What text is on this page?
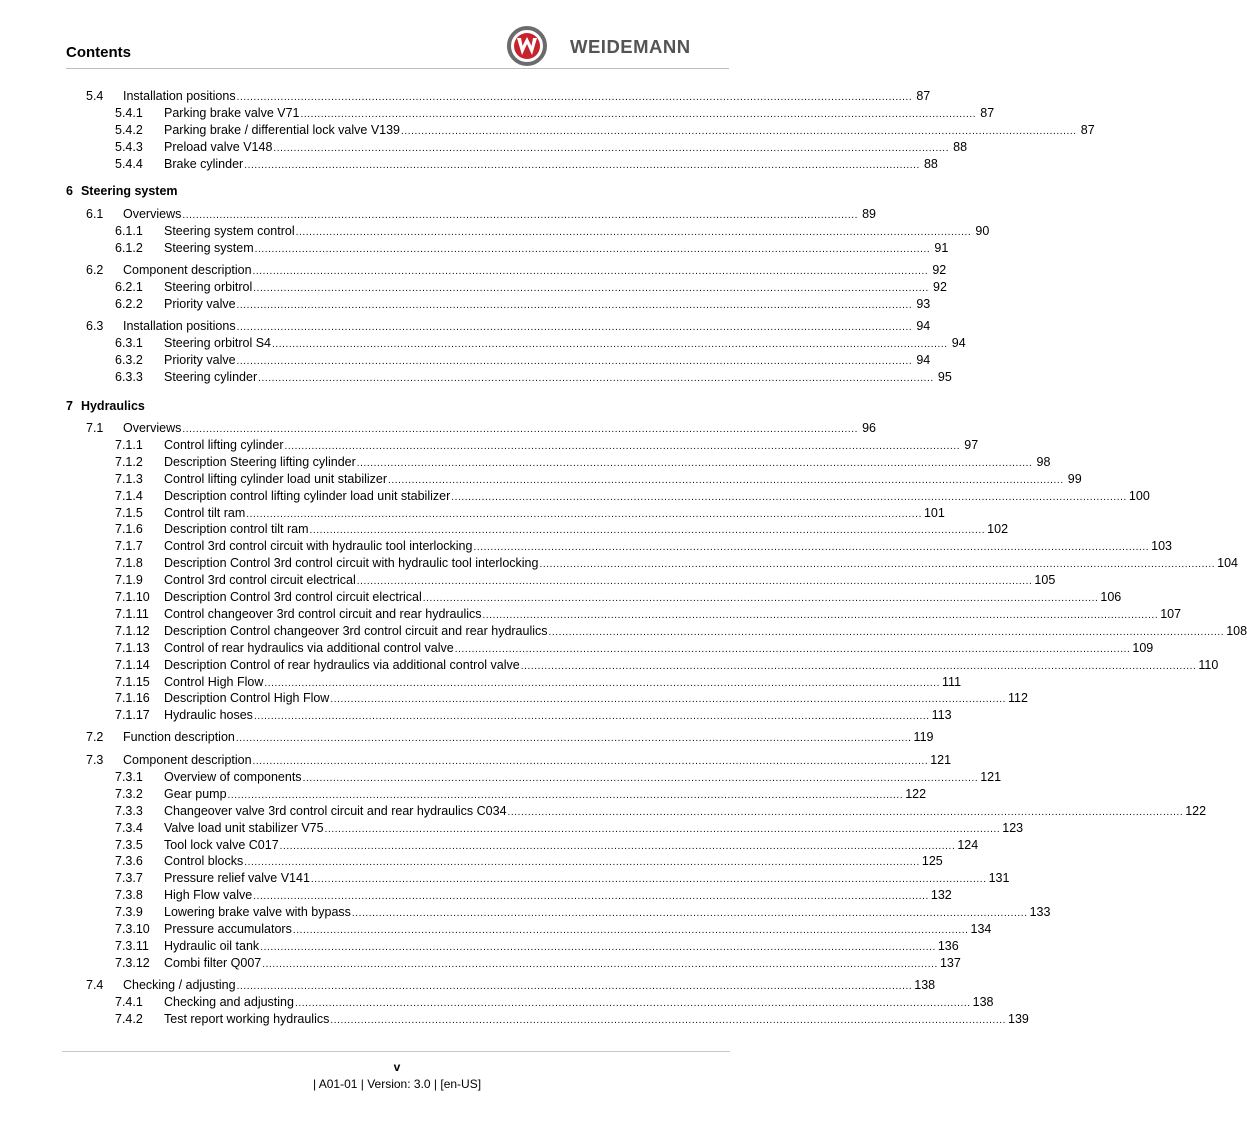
Contents	WEIDEMANN
5.4 Installation positions ........................................................................................................................................................................................................ 87
5.4.1 Parking brake valve V71 ........................................................................................................................................................................................................ 87
5.4.2 Parking brake / differential lock valve V139 ........................................................................................................................................................................................................ 87
5.4.3 Preload valve V148 ........................................................................................................................................................................................................ 88
5.4.4 Brake cylinder ........................................................................................................................................................................................................ 88
6 Steering system
6.1 Overviews ........................................................................................................................................................................................................ 89
6.1.1 Steering system control ........................................................................................................................................................................................................ 90
6.1.2 Steering system ........................................................................................................................................................................................................ 91
6.2 Component description ........................................................................................................................................................................................................ 92
6.2.1 Steering orbitrol ........................................................................................................................................................................................................ 92
6.2.2 Priority valve ........................................................................................................................................................................................................ 93
6.3 Installation positions ........................................................................................................................................................................................................ 94
6.3.1 Steering orbitrol S4 ........................................................................................................................................................................................................ 94
6.3.2 Priority valve ........................................................................................................................................................................................................ 94
6.3.3 Steering cylinder ........................................................................................................................................................................................................ 95
7 Hydraulics
7.1 Overviews ........................................................................................................................................................................................................ 96
7.1.1 Control lifting cylinder ........................................................................................................................................................................................................ 97
7.1.2 Description Steering lifting cylinder ........................................................................................................................................................................................................ 98
7.1.3 Control lifting cylinder load unit stabilizer ........................................................................................................................................................................................................ 99
7.1.4 Description control lifting cylinder load unit stabilizer ........................................................................................................................................................................................................ 100
7.1.5 Control tilt ram ........................................................................................................................................................................................................ 101
7.1.6 Description control tilt ram ........................................................................................................................................................................................................ 102
7.1.7 Control 3rd control circuit with hydraulic tool interlocking ........................................................................................................................................................................................................ 103
7.1.8 Description Control 3rd control circuit with hydraulic tool interlocking ........................................................................................................................................................................................................ 104
7.1.9 Control 3rd control circuit electrical ........................................................................................................................................................................................................ 105
7.1.10 Description Control 3rd control circuit electrical ........................................................................................................................................................................................................ 106
7.1.11 Control changeover 3rd control circuit and rear hydraulics ........................................................................................................................................................................................................ 107
7.1.12 Description Control changeover 3rd control circuit and rear hydraulics ........................................................................................................................................................................................................ 108
7.1.13 Control of rear hydraulics via additional control valve ........................................................................................................................................................................................................ 109
7.1.14 Description Control of rear hydraulics via additional control valve ........................................................................................................................................................................................................ 110
7.1.15 Control High Flow ........................................................................................................................................................................................................ 111
7.1.16 Description Control High Flow ........................................................................................................................................................................................................ 112
7.1.17 Hydraulic hoses ........................................................................................................................................................................................................ 113
7.2 Function description ........................................................................................................................................................................................................ 119
7.3 Component description ........................................................................................................................................................................................................ 121
7.3.1 Overview of components ........................................................................................................................................................................................................ 121
7.3.2 Gear pump ........................................................................................................................................................................................................ 122
7.3.3 Changeover valve 3rd control circuit and rear hydraulics C034 ........................................................................................................................................................................................................ 122
7.3.4 Valve load unit stabilizer V75 ........................................................................................................................................................................................................ 123
7.3.5 Tool lock valve C017 ........................................................................................................................................................................................................ 124
7.3.6 Control blocks ........................................................................................................................................................................................................ 125
7.3.7 Pressure relief valve V141 ........................................................................................................................................................................................................ 131
7.3.8 High Flow valve ........................................................................................................................................................................................................ 132
7.3.9 Lowering brake valve with bypass ........................................................................................................................................................................................................ 133
7.3.10 Pressure accumulators ........................................................................................................................................................................................................ 134
7.3.11 Hydraulic oil tank ........................................................................................................................................................................................................ 136
7.3.12 Combi filter Q007 ........................................................................................................................................................................................................ 137
7.4 Checking / adjusting ........................................................................................................................................................................................................ 138
7.4.1 Checking and adjusting ........................................................................................................................................................................................................ 138
7.4.2 Test report working hydraulics ........................................................................................................................................................................................................ 139
v
| A01-01 | Version: 3.0 | [en-US]
